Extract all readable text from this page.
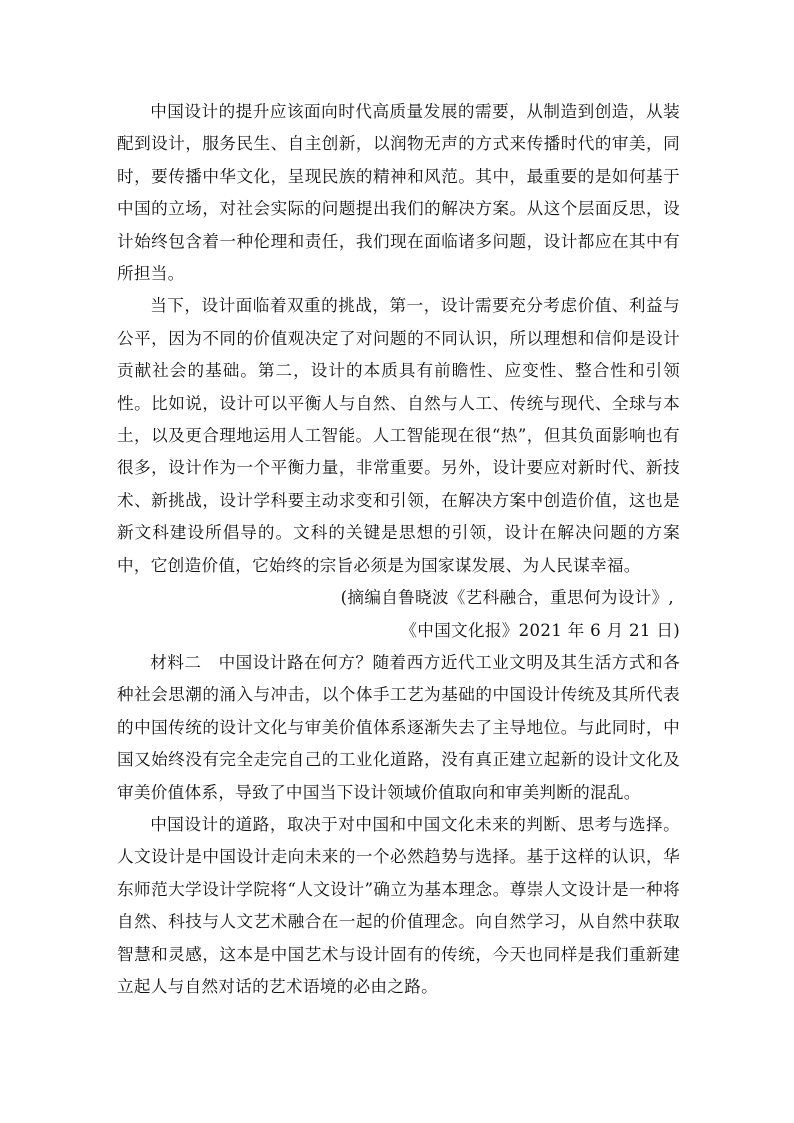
中国设计的提升应该面向时代高质量发展的需要，从制造到创造，从装配到设计，服务民生、自主创新，以润物无声的方式来传播时代的审美，同时，要传播中华文化，呈现民族的精神和风范。其中，最重要的是如何基于中国的立场，对社会实际的问题提出我们的解决方案。从这个层面反思，设计始终包含着一种伦理和责任，我们现在面临诸多问题，设计都应在其中有所担当。

当下，设计面临着双重的挑战，第一，设计需要充分考虑价值、利益与公平，因为不同的价值观决定了对问题的不同认识，所以理想和信仰是设计贡献社会的基础。第二，设计的本质具有前瞻性、应变性、整合性和引领性。比如说，设计可以平衡人与自然、自然与人工、传统与现代、全球与本土，以及更合理地运用人工智能。人工智能现在很“热”，但其负面影响也有很多，设计作为一个平衡力量，非常重要。另外，设计要应对新时代、新技术、新挑战，设计学科要主动求变和引领，在解决方案中创造价值，这也是新文科建设所倡导的。文科的关键是思想的引领，设计在解决问题的方案中，它创造价值，它始终的宗旨必须是为国家谋发展、为人民谋幸福。

(摘编自鲁晓波《艺科融合，重思何为设计》,
《中国文化报》2021 年 6 月 21 日)

材料二　中国设计路在何方？随着西方近代工业文明及其生活方式和各种社会思潮的涌入与冲击，以个体手工艺为基础的中国设计传统及其所代表的中国传统的设计文化与审美价值体系逐渐失去了主导地位。与此同时，中国又始终没有完全走完自己的工业化道路，没有真正建立起新的设计文化及审美价值体系，导致了中国当下设计领域价值取向和审美判断的混乱。

中国设计的道路，取决于对中国和中国文化未来的判断、思考与选择。人文设计是中国设计走向未来的一个必然趋势与选择。基于这样的认识，华东师范大学设计学院将“人文设计”确立为基本理念。尊崇人文设计是一种将自然、科技与人文艺术融合在一起的价值理念。向自然学习，从自然中获取智慧和灵感，这本是中国艺术与设计固有的传统，今天也同样是我们重新建立起人与自然对话的艺术语境的必由之路。
